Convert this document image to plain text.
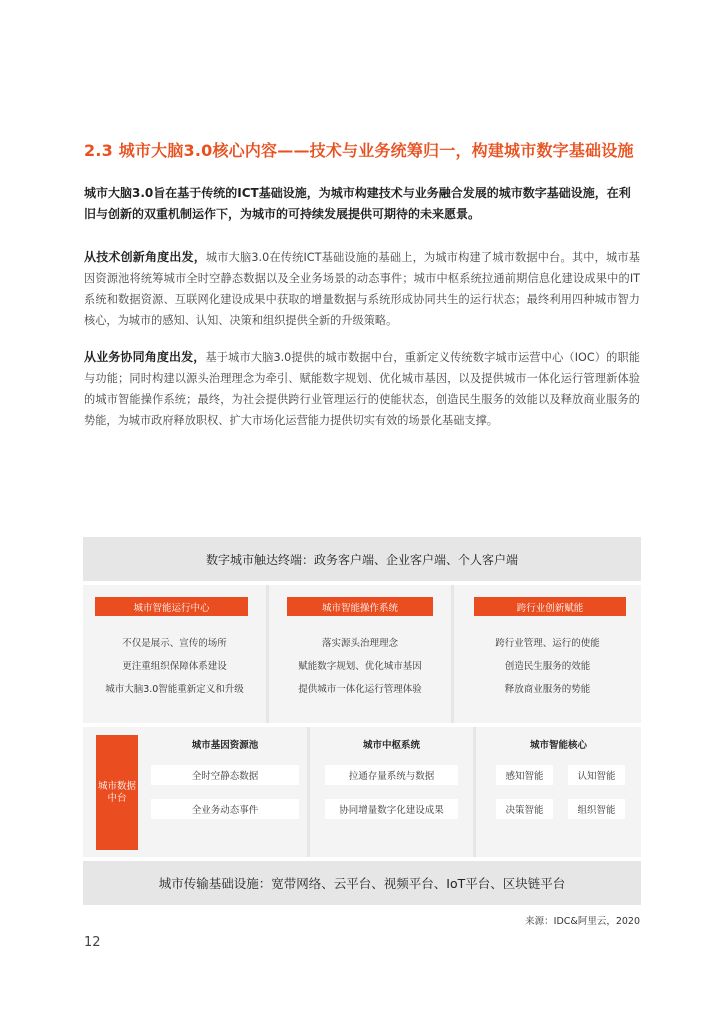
2.3 城市大脑3.0核心内容——技术与业务统筹归一，构建城市数字基础设施
城市大脑3.0旨在基于传统的ICT基础设施，为城市构建技术与业务融合发展的城市数字基础设施，在利旧与创新的双重机制运作下，为城市的可持续发展提供可期待的未来愿景。
从技术创新角度出发，城市大脑3.0在传统ICT基础设施的基础上，为城市构建了城市数据中台。其中，城市基因资源池将统筹城市全时空静态数据以及全业务场景的动态事件；城市中枢系统拉通前期信息化建设成果中的IT系统和数据资源、互联网化建设成果中获取的增量数据与系统形成协同共生的运行状态；最终利用四种城市智力核心，为城市的感知、认知、决策和组织提供全新的升级策略。
从业务协同角度出发，基于城市大脑3.0提供的城市数据中台，重新定义传统数字城市运营中心（IOC）的职能与功能；同时构建以源头治理理念为牵引、赋能数字规划、优化城市基因，以及提供城市一体化运行管理新体验的城市智能操作系统；最终，为社会提供跨行业管理运行的使能状态，创造民生服务的效能以及释放商业服务的势能，为城市政府释放职权、扩大市场化运营能力提供切实有效的场景化基础支撑。
数字城市触达终端：政务客户端、企业客户端、个人客户端
城市智能运行中心
不仅是展示、宣传的场所
更注重组织保障体系建设
城市大脑3.0智能重新定义和升级
城市智能操作系统
落实源头治理理念
赋能数字规划、优化城市基因
提供城市一体化运行管理体验
跨行业创新赋能
跨行业管理、运行的使能
创造民生服务的效能
释放商业服务的势能
城市数据中台
城市基因资源池
全时空静态数据
全业务动态事件
城市中枢系统
拉通存量系统与数据
协同增量数字化建设成果
城市智能核心
感知智能	认知智能
决策智能	组织智能
城市传输基础设施：宽带网络、云平台、视频平台、IoT平台、区块链平台
来源：IDC&阿里云，2020
12
